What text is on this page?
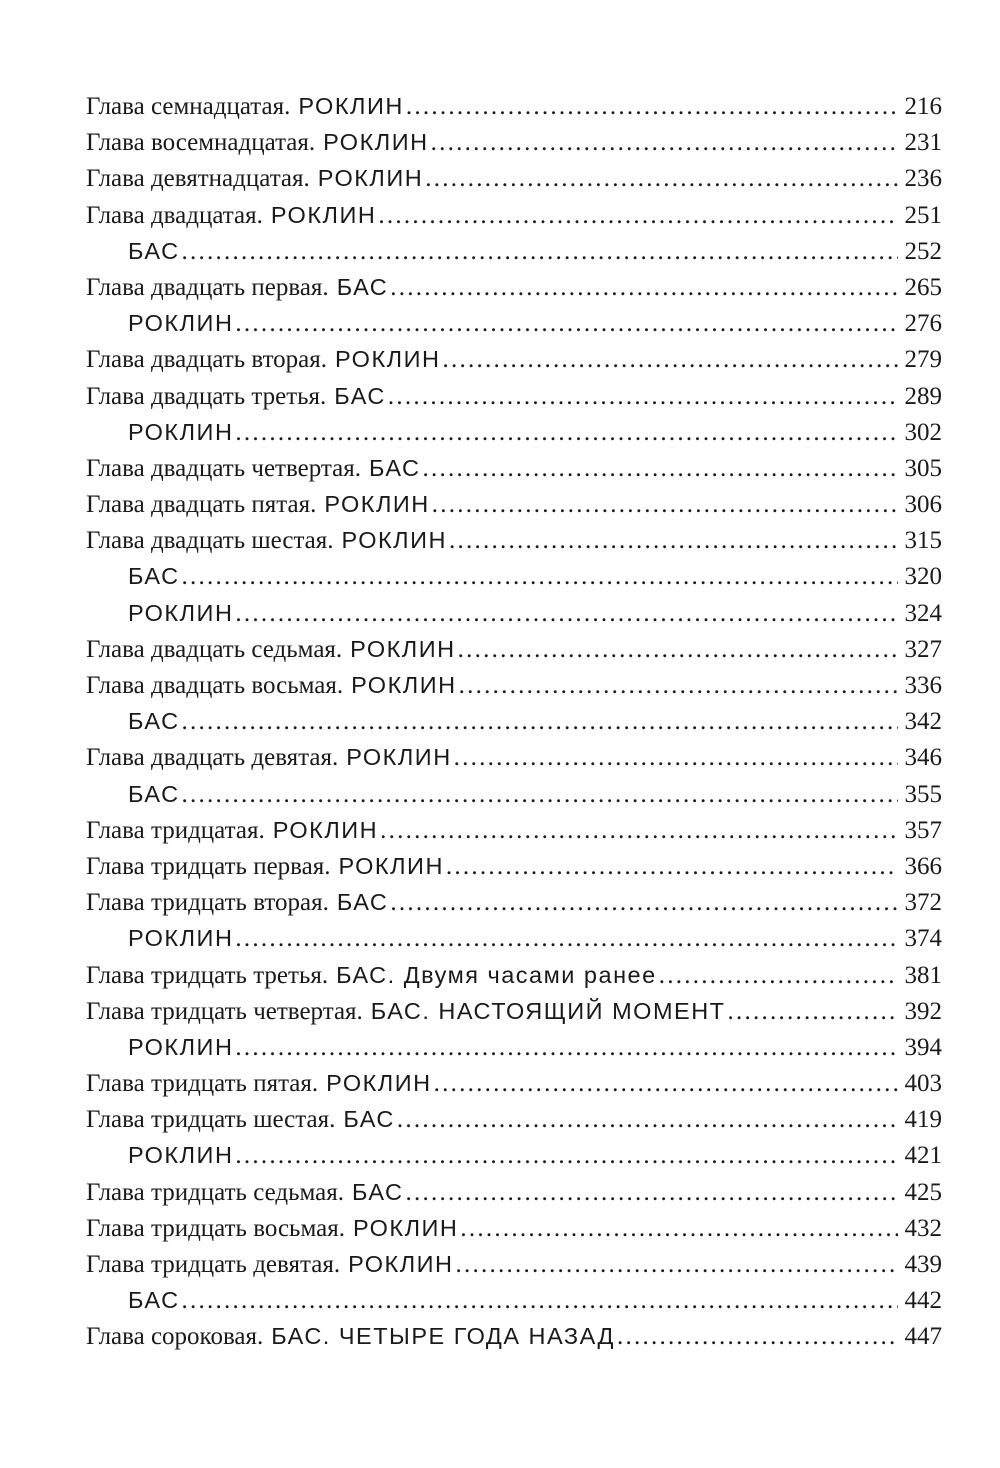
Глава семнадцатая. РОКЛИН . . .	216
Глава восемнадцатая. РОКЛИН . . .	231
Глава девятнадцатая. РОКЛИН . . .	236
Глава двадцатая. РОКЛИН . . .	251
БАС . . .	252
Глава двадцать первая. БАС . . .	265
РОКЛИН . . .	276
Глава двадцать вторая. РОКЛИН . . .	279
Глава двадцать третья. БАС . . .	289
РОКЛИН . . .	302
Глава двадцать четвертая. БАС . . .	305
Глава двадцать пятая. РОКЛИН . . .	306
Глава двадцать шестая. РОКЛИН . . .	315
БАС . . .	320
РОКЛИН . . .	324
Глава двадцать седьмая. РОКЛИН . . .	327
Глава двадцать восьмая. РОКЛИН . . .	336
БАС . . .	342
Глава двадцать девятая. РОКЛИН . . .	346
БАС . . .	355
Глава тридцатая. РОКЛИН . . .	357
Глава тридцать первая. РОКЛИН . . .	366
Глава тридцать вторая. БАС . . .	372
РОКЛИН . . .	374
Глава тридцать третья. БАС. Двумя часами ранее . . .	381
Глава тридцать четвертая. БАС. НАСТОЯЩИЙ МОМЕНТ . . .	392
РОКЛИН . . .	394
Глава тридцать пятая. РОКЛИН . . .	403
Глава тридцать шестая. БАС . . .	419
РОКЛИН . . .	421
Глава тридцать седьмая. БАС . . .	425
Глава тридцать восьмая. РОКЛИН . . .	432
Глава тридцать девятая. РОКЛИН . . .	439
БАС . . .	442
Глава сороковая. БАС. ЧЕТЫРЕ ГОДА НАЗАД . . .	447
